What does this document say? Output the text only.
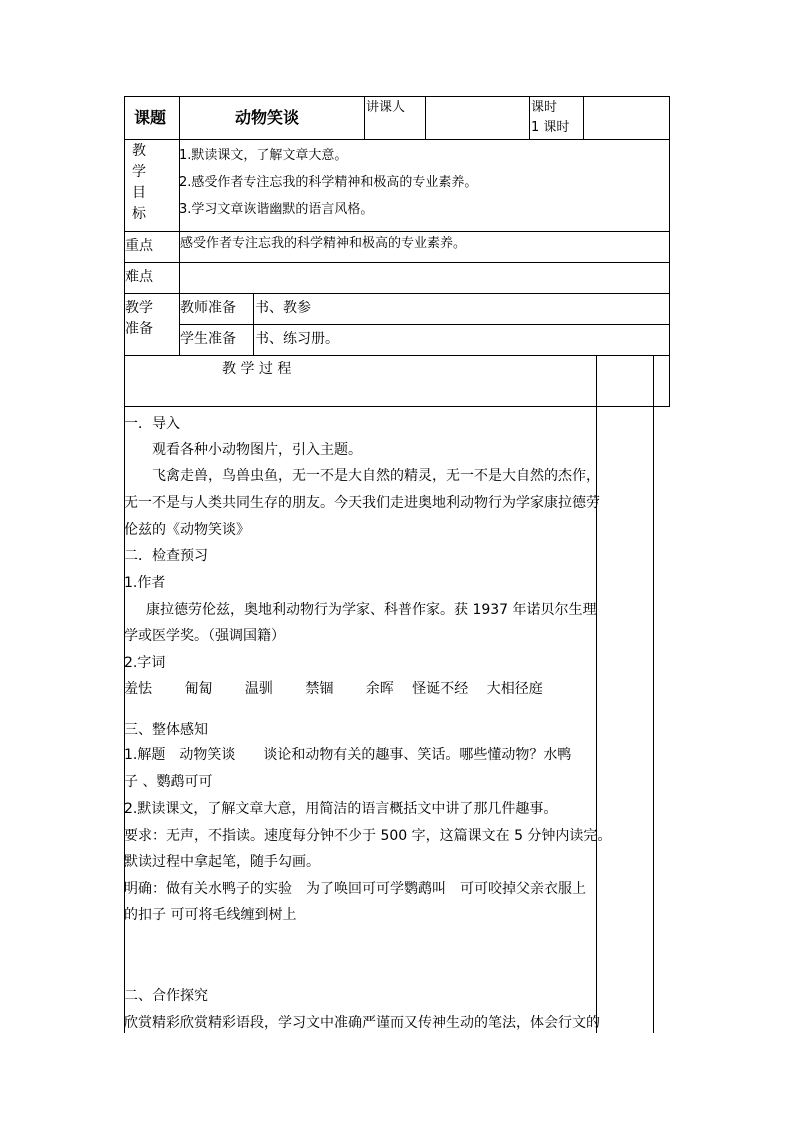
课题	动物笑谈
讲课人	课时
1 课时
教
学
目
标
1.默读课文，了解文章大意。
2.感受作者专注忘我的科学精神和极高的专业素养。
3.学习文章诙谐幽默的语言风格。
重点 感受作者专注忘我的科学精神和极高的专业素养。
难点
教学
准备
教师准备 书、教参
学生准备 书、练习册。
教 学 过 程
一．导入
观看各种小动物图片，引入主题。
飞禽走兽，鸟兽虫鱼，无一不是大自然的精灵，无一不是大自然的杰作，
无一不是与人类共同生存的朋友。今天我们走进奥地利动物行为学家康拉德劳
伦兹的《动物笑谈》
二．检查预习
1.作者
康拉德劳伦兹，奥地利动物行为学家、科普作家。获 1937 年诺贝尔生理
学或医学奖。（强调国籍）
2.字词
羞怯 　　匍匐　　 温驯　　 禁锢　　 余晖　 怪诞不经　 大相径庭
三、整体感知
1.解题　动物笑谈　　谈论和动物有关的趣事、笑话。哪些懂动物？水鸭
子 、鹦鹉可可
2.默读课文，了解文章大意，用简洁的语言概括文中讲了那几件趣事。
要求：无声，不指读。速度每分钟不少于 500 字，这篇课文在 5 分钟内读完。
默读过程中拿起笔，随手勾画。
明确：做有关水鸭子的实验　为了唤回可可学鹦鹉叫　可可咬掉父亲衣服上
的扣子 可可将毛线缠到树上
二、合作探究
欣赏精彩欣赏精彩语段，学习文中准确严谨而又传神生动的笔法，体会行文的
